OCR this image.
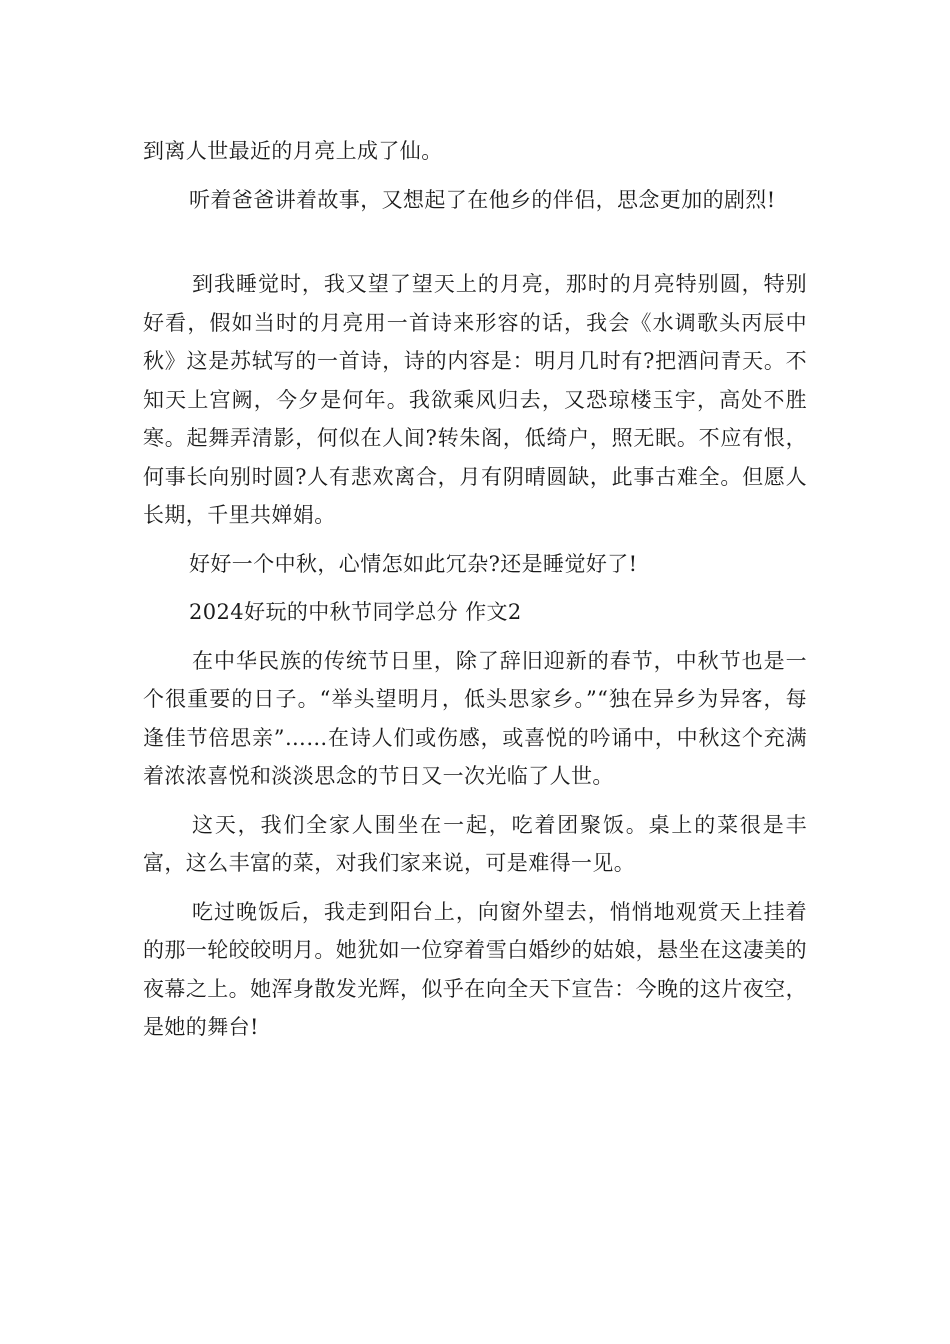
到离人世最近的月亮上成了仙。

听着爸爸讲着故事，又想起了在他乡的伴侣，思念更加的剧烈!

到我睡觉时，我又望了望天上的月亮，那时的月亮特别圆，特别好看，假如当时的月亮用一首诗来形容的话，我会《水调歌头丙辰中秋》这是苏轼写的一首诗，诗的内容是：明月几时有?把酒问青天。不知天上宫阙，今夕是何年。我欲乘风归去，又恐琼楼玉宇，高处不胜寒。起舞弄清影，何似在人间?转朱阁，低绮户，照无眠。不应有恨，何事长向别时圆?人有悲欢离合，月有阴晴圆缺，此事古难全。但愿人长期，千里共婵娟。

好好一个中秋，心情怎如此冗杂?还是睡觉好了!

2024好玩的中秋节同学总分 作文2

在中华民族的传统节日里，除了辞旧迎新的春节，中秋节也是一个很重要的日子。“举头望明月，低头思家乡。”“独在异乡为异客，每逢佳节倍思亲”……在诗人们或伤感，或喜悦的吟诵中，中秋这个充满着浓浓喜悦和淡淡思念的节日又一次光临了人世。

这天，我们全家人围坐在一起，吃着团聚饭。桌上的菜很是丰富，这么丰富的菜，对我们家来说，可是难得一见。

吃过晚饭后，我走到阳台上，向窗外望去，悄悄地观赏天上挂着的那一轮皎皎明月。她犹如一位穿着雪白婚纱的姑娘，悬坐在这凄美的夜幕之上。她浑身散发光辉，似乎在向全天下宣告：今晚的这片夜空，是她的舞台!
